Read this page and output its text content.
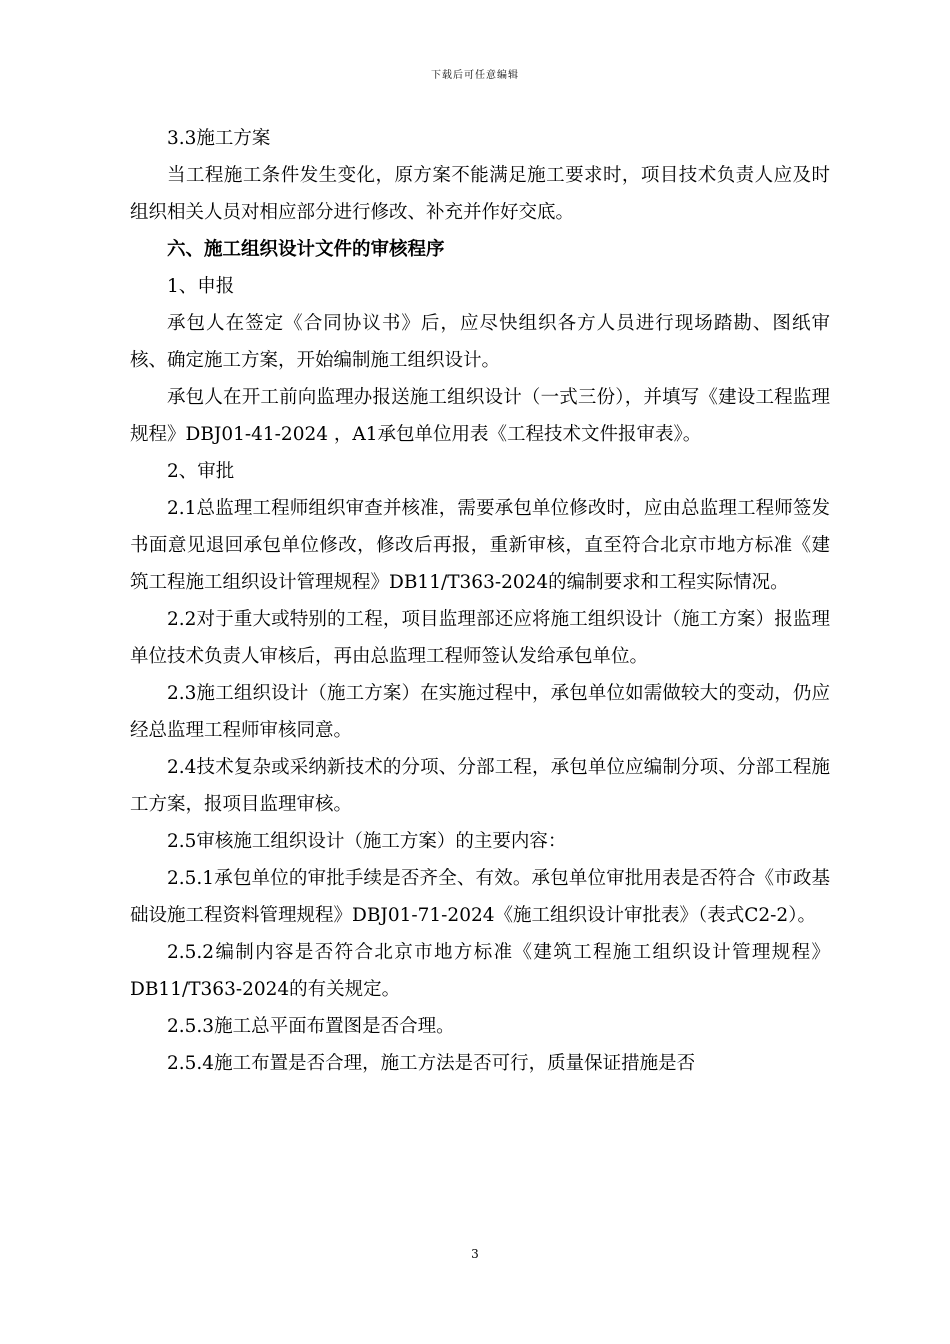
下载后可任意编辑

3.3施工方案

当工程施工条件发生变化，原方案不能满足施工要求时，项目技术负责人应及时组织相关人员对相应部分进行修改、补充并作好交底。

六、施工组织设计文件的审核程序

1、申报

承包人在签定《合同协议书》后，应尽快组织各方人员进行现场踏勘、图纸审核、确定施工方案，开始编制施工组织设计。

承包人在开工前向监理办报送施工组织设计（一式三份），并填写《建设工程监理规程》DBJ01-41-2024 ，A1承包单位用表《工程技术文件报审表》。

2、审批

2.1总监理工程师组织审查并核准，需要承包单位修改时，应由总监理工程师签发书面意见退回承包单位修改，修改后再报，重新审核，直至符合北京市地方标准《建筑工程施工组织设计管理规程》DB11/T363-2024的编制要求和工程实际情况。

2.2对于重大或特别的工程，项目监理部还应将施工组织设计（施工方案）报监理单位技术负责人审核后，再由总监理工程师签认发给承包单位。

2.3施工组织设计（施工方案）在实施过程中，承包单位如需做较大的变动，仍应经总监理工程师审核同意。

2.4技术复杂或采纳新技术的分项、分部工程，承包单位应编制分项、分部工程施工方案，报项目监理审核。

2.5审核施工组织设计（施工方案）的主要内容：

2.5.1承包单位的审批手续是否齐全、有效。承包单位审批用表是否符合《市政基础设施工程资料管理规程》DBJ01-71-2024《施工组织设计审批表》（表式C2-2）。

2.5.2编制内容是否符合北京市地方标准《建筑工程施工组织设计管理规程》DB11/T363-2024的有关规定。

2.5.3施工总平面布置图是否合理。

2.5.4施工布置是否合理，施工方法是否可行，质量保证措施是否

3
